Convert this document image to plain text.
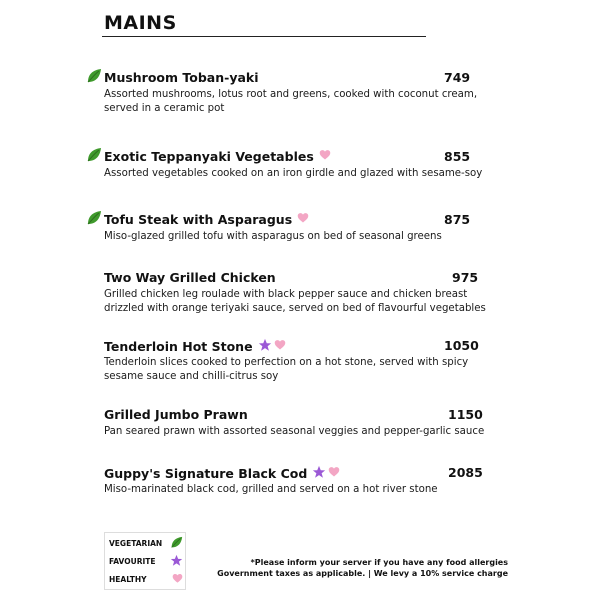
MAINS
Mushroom Toban-yaki	749
Assorted mushrooms, lotus root and greens, cooked with coconut cream, served in a ceramic pot
Exotic Teppanyaki Vegetables	855
Assorted vegetables cooked on an iron girdle and glazed with sesame-soy
Tofu Steak with Asparagus	875
Miso-glazed grilled tofu with asparagus on bed of seasonal greens
Two Way Grilled Chicken	975
Grilled chicken leg roulade with black pepper sauce and chicken breast drizzled with orange teriyaki sauce, served on bed of flavourful vegetables
Tenderloin Hot Stone	1050
Tenderloin slices cooked to perfection on a hot stone, served with spicy sesame sauce and chilli-citrus soy
Grilled Jumbo Prawn	1150
Pan seared prawn with assorted seasonal veggies and pepper-garlic sauce
Guppy's Signature Black Cod	2085
Miso-marinated black cod, grilled and served on a hot river stone
VEGETARIAN
FAVOURITE
HEALTHY
*Please inform your server if you have any food allergies
Government taxes as applicable. | We levy a 10% service charge
